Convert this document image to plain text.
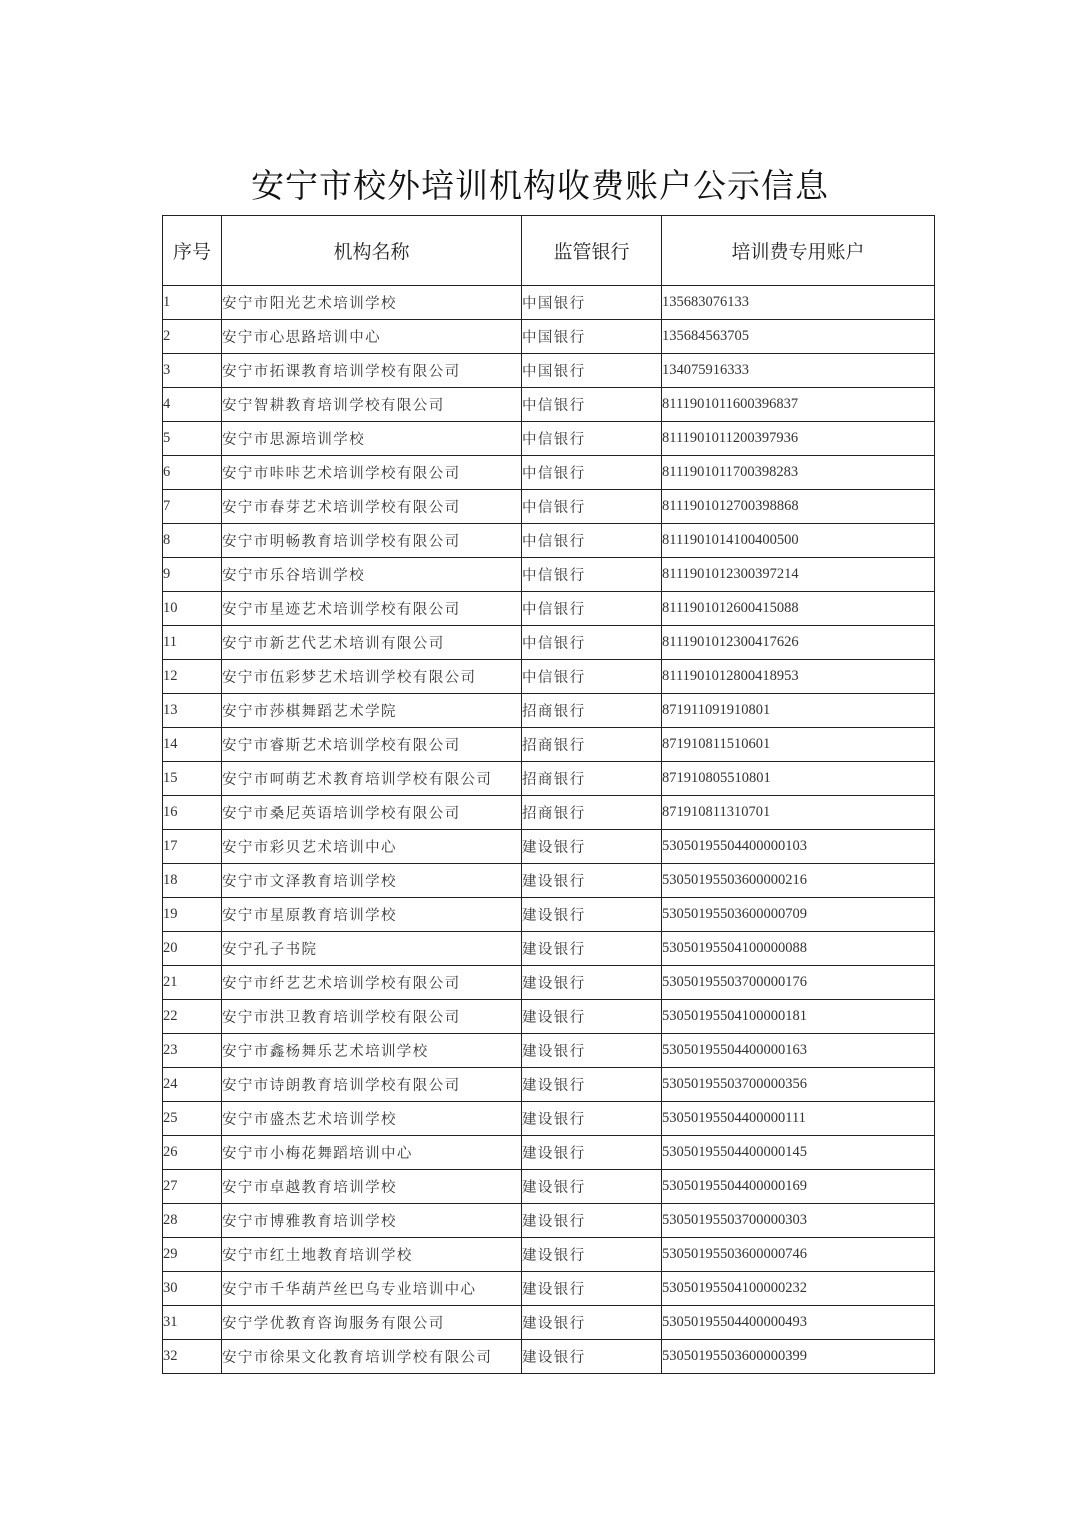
安宁市校外培训机构收费账户公示信息
序号	机构名称	监管银行	培训费专用账户
1	安宁市阳光艺术培训学校	中国银行	135683076133
2	安宁市心思路培训中心	中国银行	135684563705
3	安宁市拓课教育培训学校有限公司	中国银行	134075916333
4	安宁智耕教育培训学校有限公司	中信银行	8111901011600396837
5	安宁市思源培训学校	中信银行	8111901011200397936
6	安宁市咔咔艺术培训学校有限公司	中信银行	8111901011700398283
7	安宁市春芽艺术培训学校有限公司	中信银行	8111901012700398868
8	安宁市明畅教育培训学校有限公司	中信银行	8111901014100400500
9	安宁市乐谷培训学校	中信银行	8111901012300397214
10	安宁市星迹艺术培训学校有限公司	中信银行	8111901012600415088
11	安宁市新艺代艺术培训有限公司	中信银行	8111901012300417626
12	安宁市伍彩梦艺术培训学校有限公司	中信银行	8111901012800418953
13	安宁市莎棋舞蹈艺术学院	招商银行	871911091910801
14	安宁市睿斯艺术培训学校有限公司	招商银行	871910811510601
15	安宁市呵萌艺术教育培训学校有限公司	招商银行	871910805510801
16	安宁市桑尼英语培训学校有限公司	招商银行	871910811310701
17	安宁市彩贝艺术培训中心	建设银行	53050195504400000103
18	安宁市文泽教育培训学校	建设银行	53050195503600000216
19	安宁市星原教育培训学校	建设银行	53050195503600000709
20	安宁孔子书院	建设银行	53050195504100000088
21	安宁市纤艺艺术培训学校有限公司	建设银行	53050195503700000176
22	安宁市洪卫教育培训学校有限公司	建设银行	53050195504100000181
23	安宁市鑫杨舞乐艺术培训学校	建设银行	53050195504400000163
24	安宁市诗朗教育培训学校有限公司	建设银行	53050195503700000356
25	安宁市盛杰艺术培训学校	建设银行	53050195504400000111
26	安宁市小梅花舞蹈培训中心	建设银行	53050195504400000145
27	安宁市卓越教育培训学校	建设银行	53050195504400000169
28	安宁市博雅教育培训学校	建设银行	53050195503700000303
29	安宁市红土地教育培训学校	建设银行	53050195503600000746
30	安宁市千华葫芦丝巴乌专业培训中心	建设银行	53050195504100000232
31	安宁学优教育咨询服务有限公司	建设银行	53050195504400000493
32	安宁市徐果文化教育培训学校有限公司	建设银行	53050195503600000399
